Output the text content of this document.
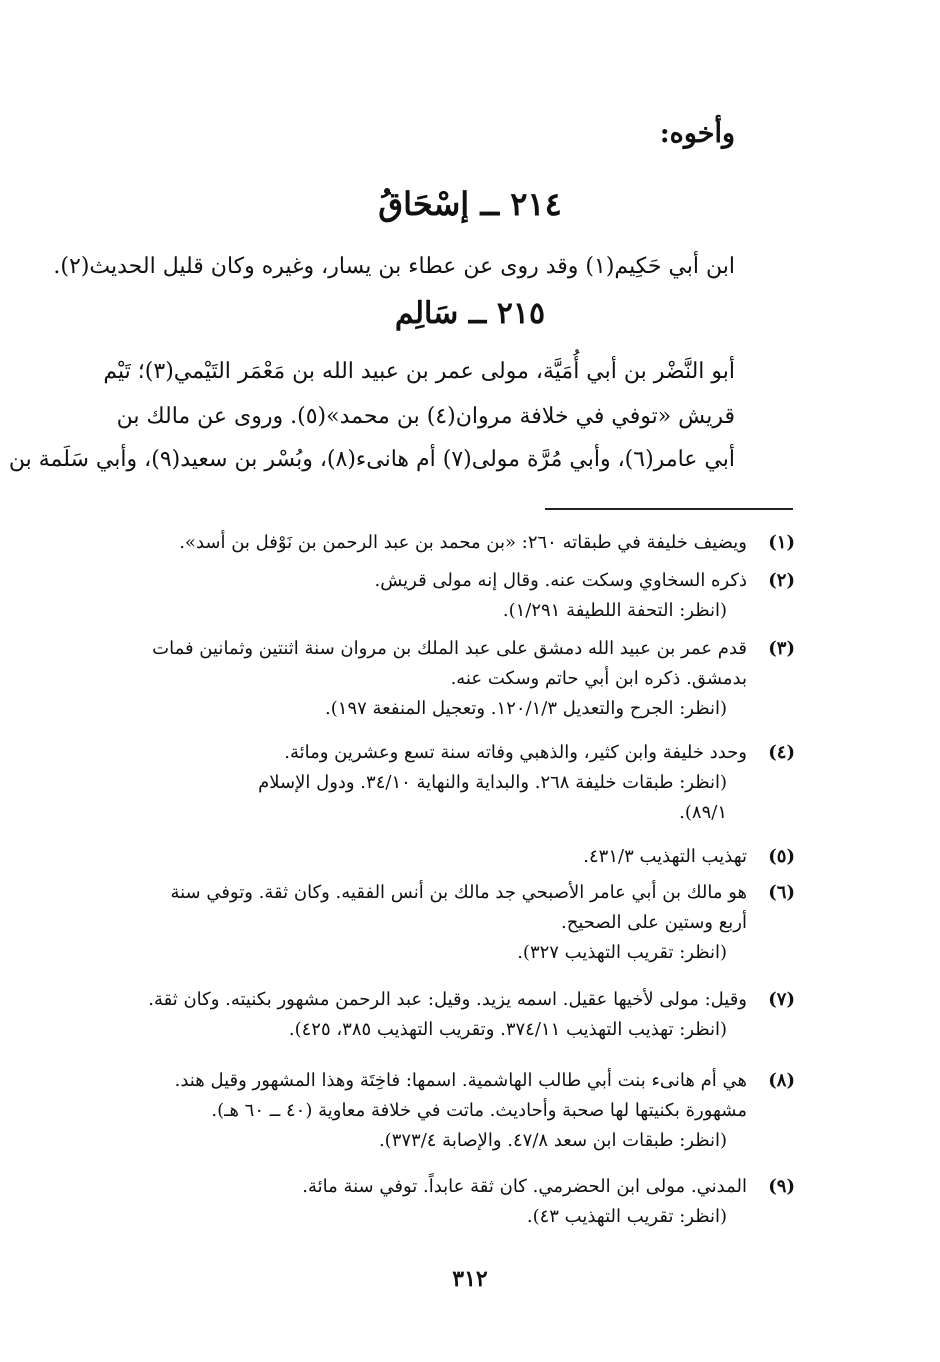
وأخوه:
٢١٤ ــ إسْحَاقُ
ابن أبي حَكِيم(١) وقد روى عن عطاء بن يسار، وغيره وكان قليل الحديث(٢).
٢١٥ ــ سَالِم
أبو النَّضْر بن أبي أُمَيَّة، مولى عمر بن عبيد الله بن مَعْمَر التَيْمي(٣)؛ تَيْم
قريش «توفي في خلافة مروان(٤) بن محمد»(٥). وروى عن مالك بن
أبي عامر(٦)، وأبي مُرَّة مولى(٧) أم هانىء(٨)، وبُسْر بن سعيد(٩)، وأبي سَلَمة بن
(١)
ويضيف خليفة في طبقاته ٢٦٠: «بن محمد بن عبد الرحمن بن نَوْفل بن أسد».
(٢)
ذكره السخاوي وسكت عنه. وقال إنه مولى قريش.
(انظر: التحفة اللطيفة ١/٢٩١).
(٣)
قدم عمر بن عبيد الله دمشق على عبد الملك بن مروان سنة اثنتين وثمانين فمات
بدمشق. ذكره ابن أبي حاتم وسكت عنه.
(انظر: الجرح والتعديل ١٢٠/١/٣. وتعجيل المنفعة ١٩٧).
(٤)
وحدد خليفة وابن كثير، والذهبي وفاته سنة تسع وعشرين ومائة.
(انظر: طبقات خليفة ٢٦٨. والبداية والنهاية ٣٤/١٠. ودول الإسلام
٨٩/١).
(٥)
تهذيب التهذيب ٤٣١/٣.
(٦)
هو مالك بن أبي عامر الأصبحي جد مالك بن أنس الفقيه. وكان ثقة. وتوفي سنة
أربع وستين على الصحيح.
(انظر: تقريب التهذيب ٣٢٧).
(٧)
وقيل: مولى لأخيها عقيل. اسمه يزيد. وقيل: عبد الرحمن مشهور بكنيته. وكان ثقة.
(انظر: تهذيب التهذيب ٣٧٤/١١. وتقريب التهذيب ٣٨٥، ٤٢٥).
(٨)
هي أم هانىء بنت أبي طالب الهاشمية. اسمها: فاخِتَة وهذا المشهور وقيل هند.
مشهورة بكنيتها لها صحبة وأحاديث. ماتت في خلافة معاوية (٤٠ ــ ٦٠ هـ).
(انظر: طبقات ابن سعد ٤٧/٨. والإصابة ٣٧٣/٤).
(٩)
المدني. مولى ابن الحضرمي. كان ثقة عابداً. توفي سنة مائة.
(انظر: تقريب التهذيب ٤٣).
٣١٢
